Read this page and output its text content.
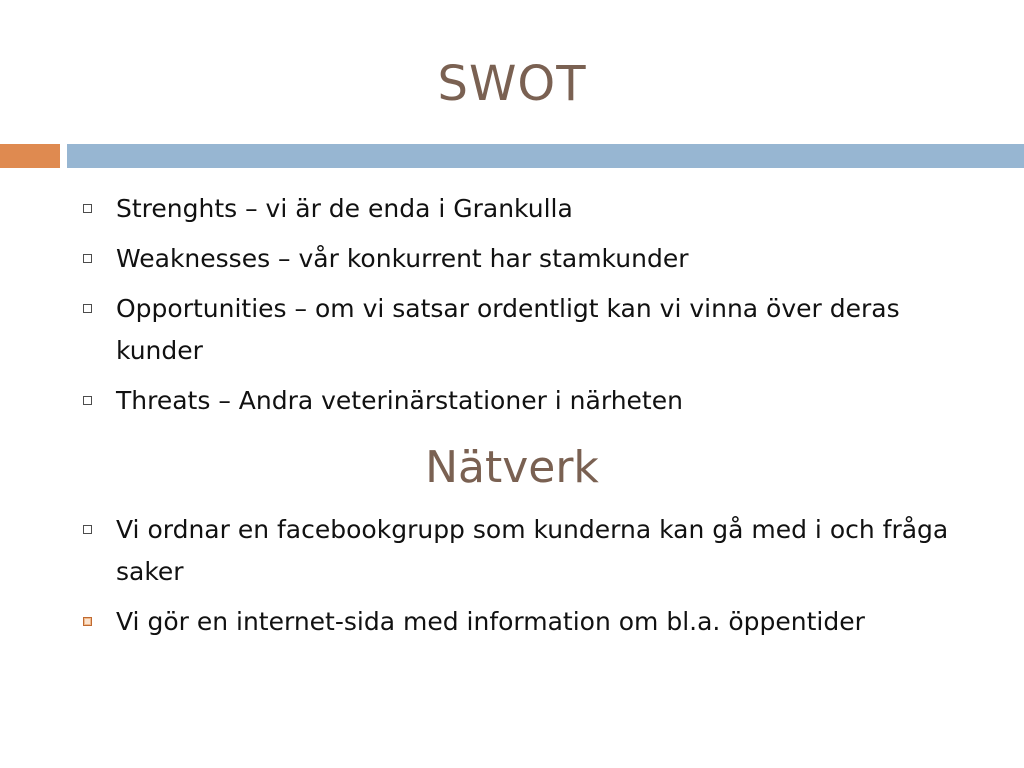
SWOT
Strenghts – vi är de enda i Grankulla
Weaknesses – vår konkurrent har stamkunder
Opportunities – om vi satsar ordentligt kan vi vinna över deras kunder
Threats – Andra veterinärstationer i närheten
Nätverk
Vi ordnar en facebookgrupp som kunderna kan gå med i och fråga saker
Vi gör en internet-sida med information om bl.a. öppentider
